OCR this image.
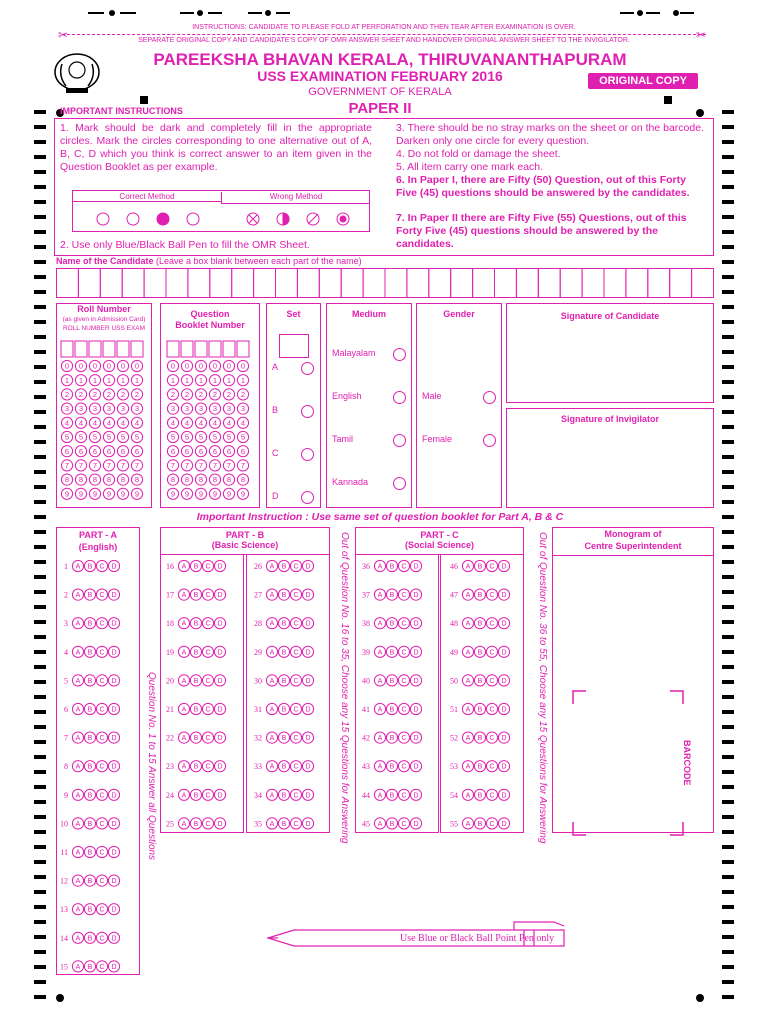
INSTRUCTIONS: CANDIDATE TO PLEASE FOLD AT PERFORATION AND THEN TEAR AFTER EXAMINATION IS OVER.
SEPARATE ORIGINAL COPY AND CANDIDATE'S COPY OF OMR ANSWER SHEET AND HANDOVER ORIGINAL ANSWER SHEET TO THE INVIGILATOR.
✂	✂
PAREEKSHA BHAVAN KERALA, THIRUVANANTHAPURAM
USS EXAMINATION FEBRUARY 2016
GOVERNMENT OF KERALA
PAPER II
ORIGINAL COPY
IMPORTANT INSTRUCTIONS
1. Mark should be dark and completely fill in the appropriate circles. Mark the circles corresponding to one alternative out of A, B, C, D which you think is correct answer to an item given in the Question Booklet as per example.
Correct Method	Wrong Method
2. Use only Blue/Black Ball Pen to fill the OMR Sheet.
3. There should be no stray marks on the sheet or on the barcode. Darken only one circle for every question.
4. Do not fold or damage the sheet.
5. All item carry one mark each.
6. In Paper I, there are Fifty (50) Question, out of this Forty Five (45) questions should be answered by the candidates.
7. In Paper II there are Fifty Five (55) Questions, out of this Forty Five (45) questions should be answered by the candidates.
Name of the Candidate (Leave a box blank between each part of the name)
Roll Number
(as given in Admission Card)
ROLL NUMBER USS EXAM
0
1
2
3
4
5
6
7
8
9
0
1
2
3
4
5
6
7
8
9
0
1
2
3
4
5
6
7
8
9
0
1
2
3
4
5
6
7
8
9
0
1
2
3
4
5
6
7
8
9
0
1
2
3
4
5
6
7
8
9
Question
Booklet Number
0
1
2
3
4
5
6
7
8
9
0
1
2
3
4
5
6
7
8
9
0
1
2
3
4
5
6
7
8
9
0
1
2
3
4
5
6
7
8
9
0
1
2
3
4
5
6
7
8
9
0
1
2
3
4
5
6
7
8
9
Set
A
B
C
D
Medium
Malayalam
English
Tamil
Kannada
Gender
Male
Female
Signature of Candidate
Signature of Invigilator
Important Instruction : Use same set of question booklet for Part A, B & C
PART - A
(English)
Question No. 1 to 15 Answer all Questions
PART - B
(Basic Science)	Out of Question No. 16 to 35, Choose any 15 Questions for Answering	PART - C
(Social Science)	Out of Question No. 36 to 55, Choose any 15 Questions for Answering	Monogram of
Centre Superintendent
BARCODE
1 A B C D
2 A B C D
3 A B C D
4 A B C D
5 A B C D
6 A B C D
7 A B C D
8 A B C D
9 A B C D
10 A B C D
11 A B C D
12 A B C D
13 A B C D
14 A B C D
15 A B C D
16 A B C D
17 A B C D
18 A B C D
19 A B C D
20 A B C D
21 A B C D
22 A B C D
23 A B C D
24 A B C D
25 A B C D
26 A B C D
27 A B C D
28 A B C D
29 A B C D
30 A B C D
31 A B C D
32 A B C D
33 A B C D
34 A B C D
35 A B C D
36 A B C D
37 A B C D
38 A B C D
39 A B C D
40 A B C D
41 A B C D
42 A B C D
43 A B C D
44 A B C D
45 A B C D
46 A B C D
47 A B C D
48 A B C D
49 A B C D
50 A B C D
51 A B C D
52 A B C D
53 A B C D
54 A B C D
55 A B C D
Use Blue or Black Ball Point Pen only
